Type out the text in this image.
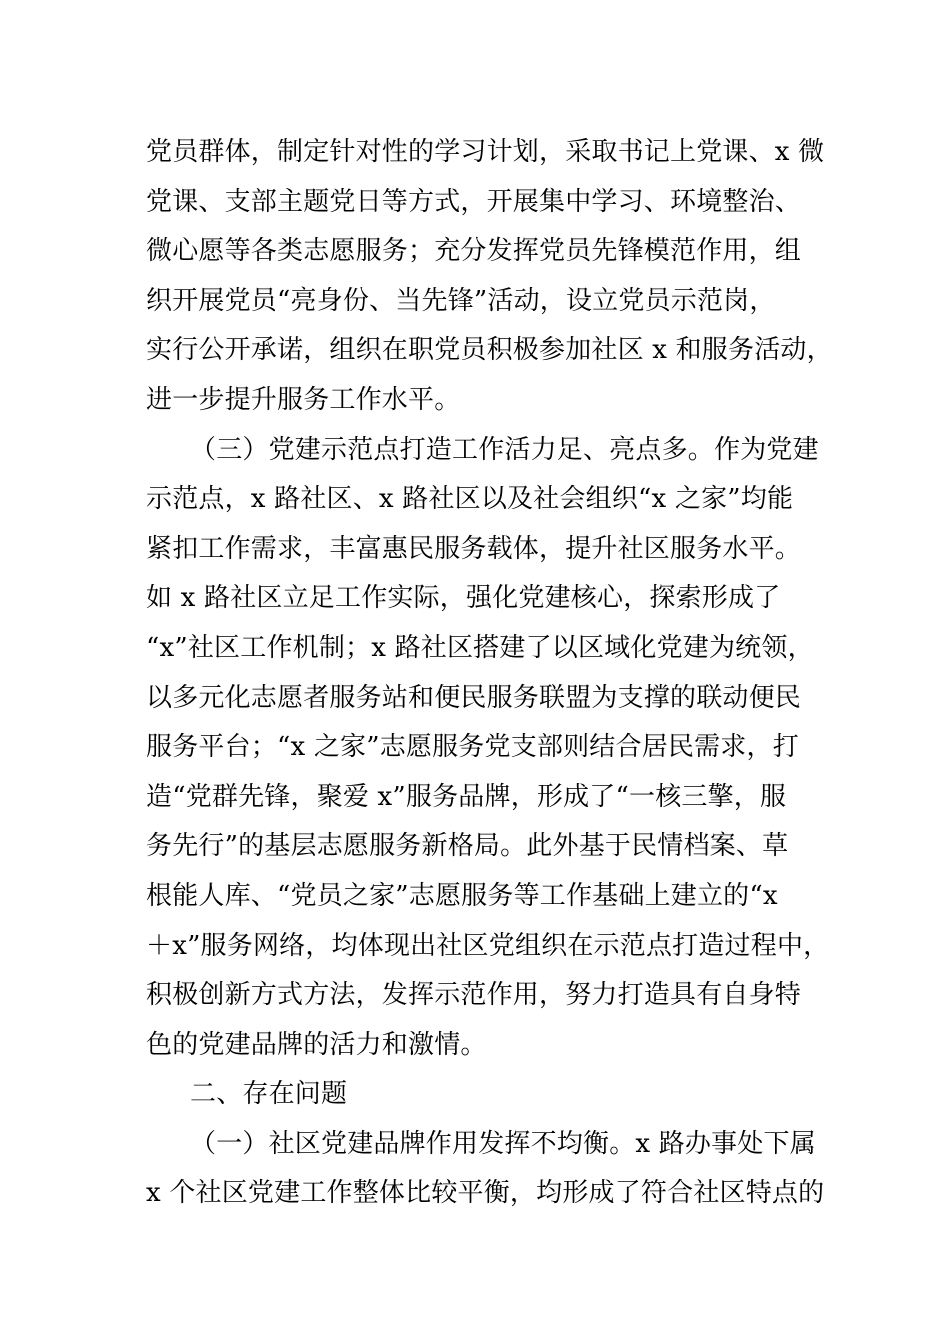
党员群体，制定针对性的学习计划，采取书记上党课、x 微
党课、支部主题党日等方式，开展集中学习、环境整治、
微心愿等各类志愿服务；充分发挥党员先锋模范作用，组
织开展党员“亮身份、当先锋”活动，设立党员示范岗，
实行公开承诺，组织在职党员积极参加社区 x 和服务活动，
进一步提升服务工作水平。
（三）党建示范点打造工作活力足、亮点多。作为党建
示范点，x 路社区、x 路社区以及社会组织“x 之家”均能
紧扣工作需求，丰富惠民服务载体，提升社区服务水平。
如 x 路社区立足工作实际，强化党建核心，探索形成了
“x”社区工作机制；x 路社区搭建了以区域化党建为统领，
以多元化志愿者服务站和便民服务联盟为支撑的联动便民
服务平台；“x 之家”志愿服务党支部则结合居民需求，打
造“党群先锋，聚爱 x”服务品牌，形成了“一核三擎，服
务先行”的基层志愿服务新格局。此外基于民情档案、草
根能人库、“党员之家”志愿服务等工作基础上建立的“x
＋x”服务网络，均体现出社区党组织在示范点打造过程中，
积极创新方式方法，发挥示范作用，努力打造具有自身特
色的党建品牌的活力和激情。
二、存在问题
（一）社区党建品牌作用发挥不均衡。x 路办事处下属
x 个社区党建工作整体比较平衡，均形成了符合社区特点的
